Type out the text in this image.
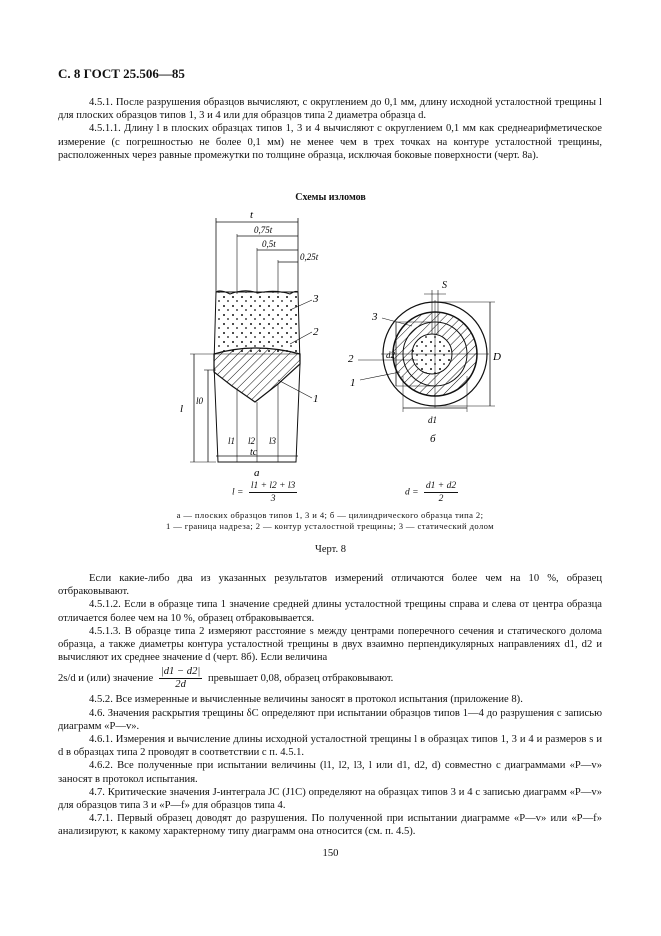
С. 8 ГОСТ 25.506—85

4.5.1. После разрушения образцов вычисляют, с округлением до 0,1 мм, длину исходной усталостной трещины l для плоских образцов типов 1, 3 и 4 или для образцов типа 2 диаметра образца d.

4.5.1.1. Длину l в плоских образцах типов 1, 3 и 4 вычисляют с округлением 0,1 мм как среднеарифметическое измерение (с погрешностью не более 0,1 мм) не менее чем в трех точках на контуре усталостной трещины, расположенных через равные промежутки по толщине образца, исключая боковые поверхности (черт. 8а).

Схемы изломов
t
0,75t
0,5t
0,25t
l
l0
l1 l2 l3
tc
а
3
2
1
S
D
d2
d1
б
3
2
1
$l = \frac{l1 + l2 + l3}{3}$	$d = \frac{d1 + d2}{2}$
а — плоских образцов типов 1, 3 и 4; б — цилиндрического образца типа 2;
1 — граница надреза; 2 — контур усталостной трещины; 3 — статический долом
Черт. 8

Если какие-либо два из указанных результатов измерений отличаются более чем на 10 %, образец отбраковывают.

4.5.1.2. Если в образце типа 1 значение средней длины усталостной трещины справа и слева от центра образца отличается более чем на 10 %, образец отбраковывается.

4.5.1.3. В образце типа 2 измеряют расстояние s между центрами поперечного сечения и статического долома образца, а также диаметры контура усталостной трещины в двух взаимно перпендикулярных направлениях d1, d2 и вычисляют их среднее значение d (черт. 8б). Если величина

2s/d и (или) значение $\frac{|d1 - d2|}{2d}$ превышает 0,08, образец отбраковывают.

4.5.2. Все измеренные и вычисленные величины заносят в протокол испытания (приложение 8).

4.6. Значения раскрытия трещины δC определяют при испытании образцов типов 1—4 до разрушения с записью диаграмм «P—v».

4.6.1. Измерения и вычисление длины исходной усталостной трещины l в образцах типов 1, 3 и 4 и размеров s и d в образцах типа 2 проводят в соответствии с п. 4.5.1.

4.6.2. Все полученные при испытании величины (l1, l2, l3, l или d1, d2, d) совместно с диаграммами «P—v» заносят в протокол испытания.

4.7. Критические значения J-интеграла JC (J1C) определяют на образцах типов 3 и 4 с записью диаграмм «P—v» для образцов типа 3 и «P—f» для образцов типа 4.

4.7.1. Первый образец доводят до разрушения. По полученной при испытании диаграмме «P—v» или «P—f» анализируют, к какому характерному типу диаграмм она относится (см. п. 4.5).

150
